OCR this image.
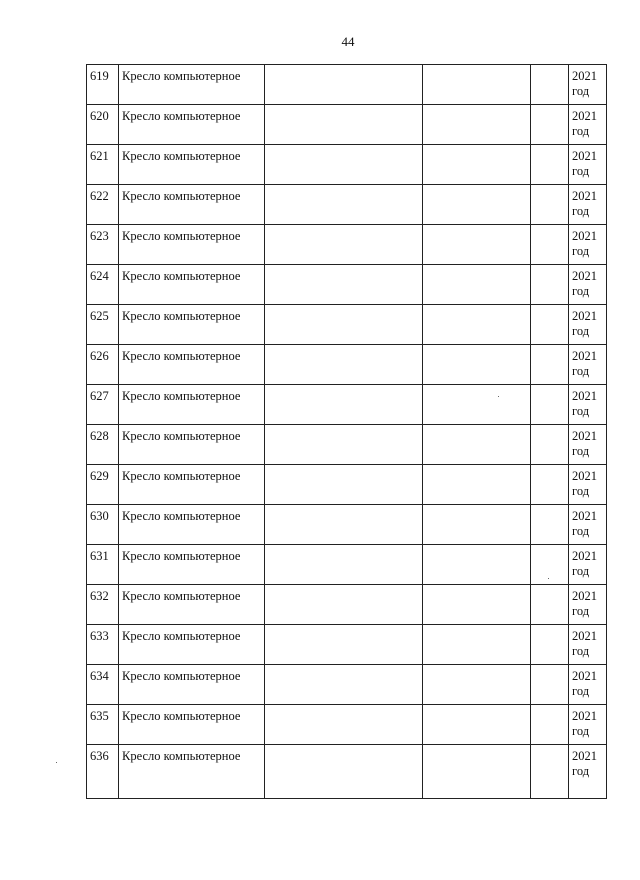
44
619	Кресло компьютерное				2021
год

620	Кресло компьютерное				2021
год

621	Кресло компьютерное				2021
год

622	Кресло компьютерное				2021
год

623	Кресло компьютерное				2021
год

624	Кресло компьютерное				2021
год

625	Кресло компьютерное				2021
год

626	Кресло компьютерное				2021
год

627	Кресло компьютерное				2021
год

628	Кресло компьютерное				2021
год

629	Кресло компьютерное				2021
год

630	Кресло компьютерное				2021
год

631	Кресло компьютерное				2021
год

632	Кресло компьютерное				2021
год

633	Кресло компьютерное				2021
год

634	Кресло компьютерное				2021
год

635	Кресло компьютерное				2021
год

636	Кресло компьютерное				2021
год
